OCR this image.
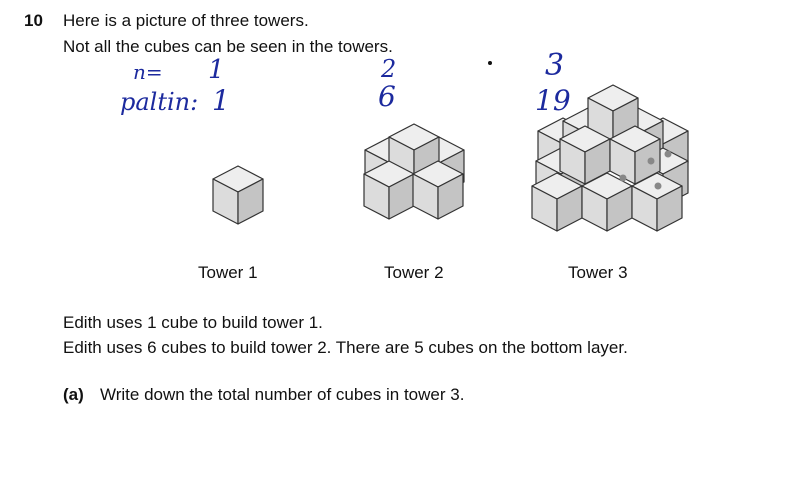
10 Here is a picture of three towers.
Not all the cubes can be seen in the towers.
n= 1
paltin: 1
2
6
3
19
Tower 1	Tower 2	Tower 3
Edith uses 1 cube to build tower 1.
Edith uses 6 cubes to build tower 2. There are 5 cubes on the bottom layer.
(a) Write down the total number of cubes in tower 3.
